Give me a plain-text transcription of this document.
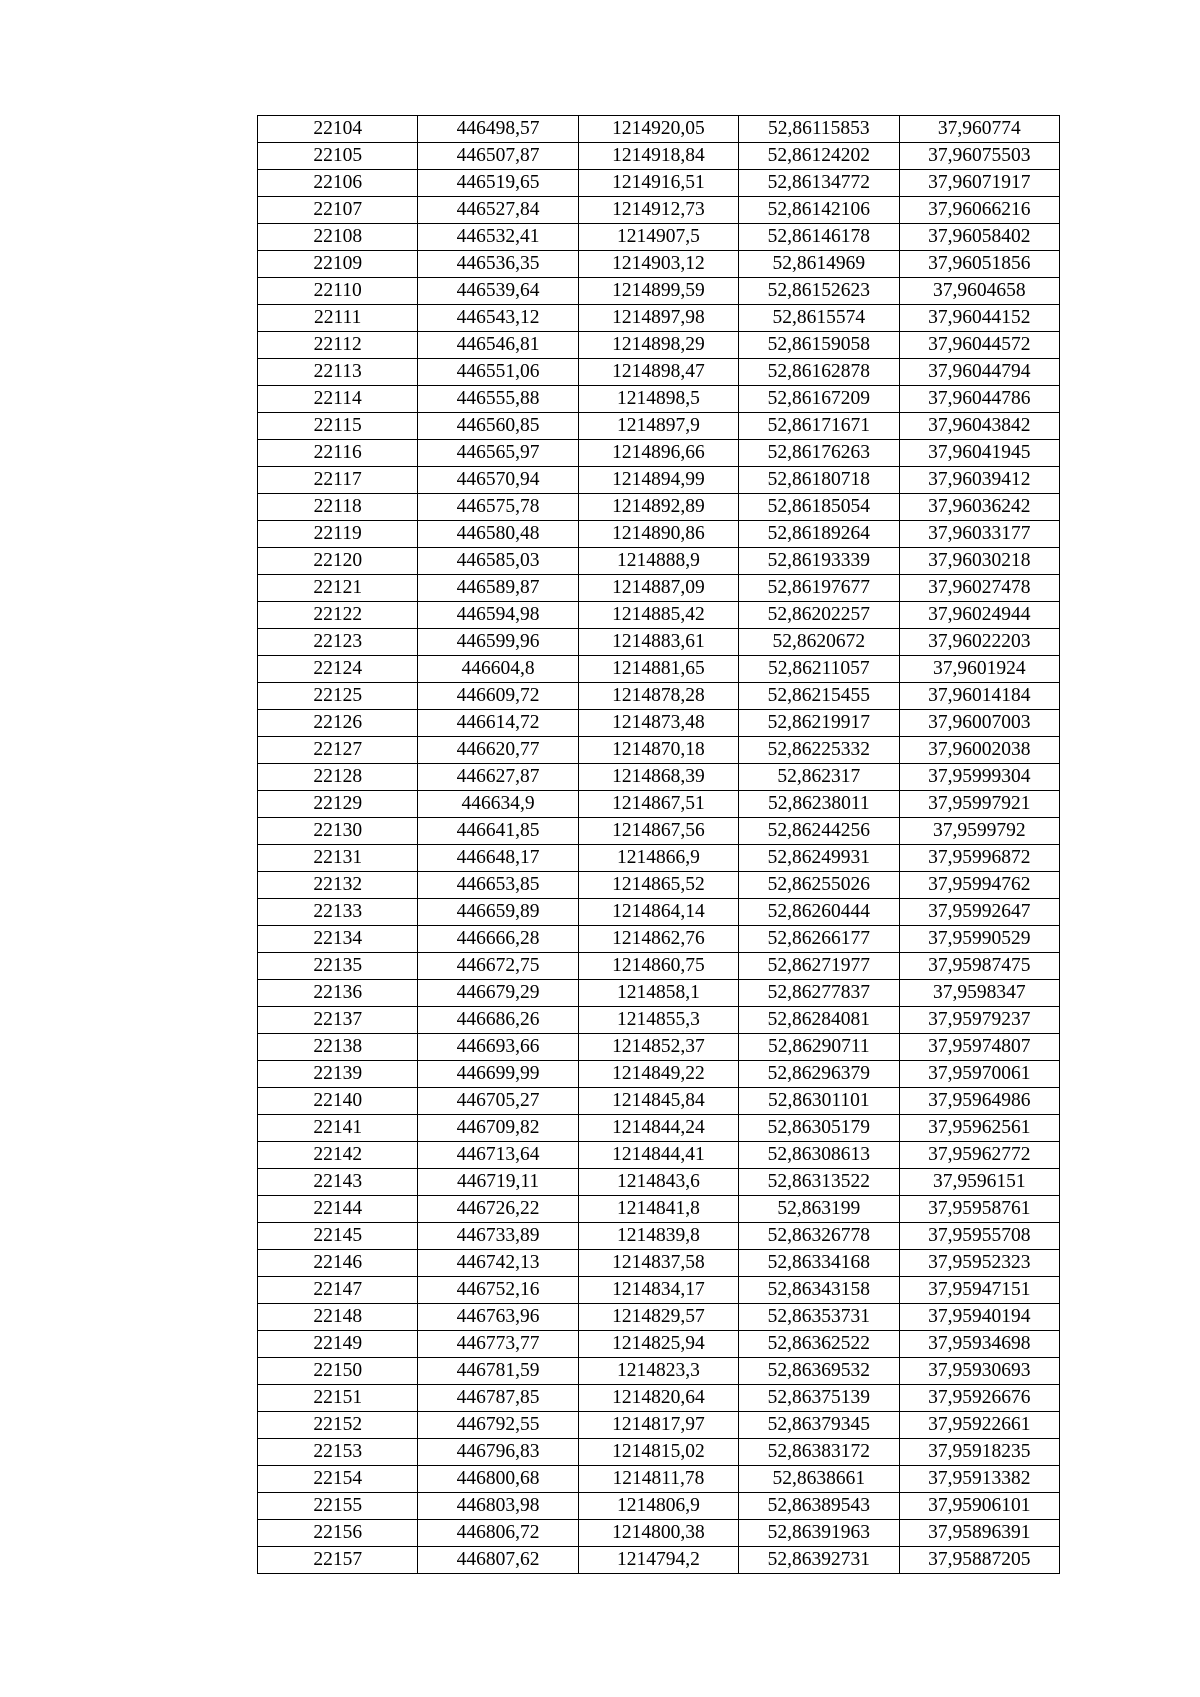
22104	446498,57	1214920,05	52,86115853	37,960774
22105	446507,87	1214918,84	52,86124202	37,96075503
22106	446519,65	1214916,51	52,86134772	37,96071917
22107	446527,84	1214912,73	52,86142106	37,96066216
22108	446532,41	1214907,5	52,86146178	37,96058402
22109	446536,35	1214903,12	52,8614969	37,96051856
22110	446539,64	1214899,59	52,86152623	37,9604658
22111	446543,12	1214897,98	52,8615574	37,96044152
22112	446546,81	1214898,29	52,86159058	37,96044572
22113	446551,06	1214898,47	52,86162878	37,96044794
22114	446555,88	1214898,5	52,86167209	37,96044786
22115	446560,85	1214897,9	52,86171671	37,96043842
22116	446565,97	1214896,66	52,86176263	37,96041945
22117	446570,94	1214894,99	52,86180718	37,96039412
22118	446575,78	1214892,89	52,86185054	37,96036242
22119	446580,48	1214890,86	52,86189264	37,96033177
22120	446585,03	1214888,9	52,86193339	37,96030218
22121	446589,87	1214887,09	52,86197677	37,96027478
22122	446594,98	1214885,42	52,86202257	37,96024944
22123	446599,96	1214883,61	52,8620672	37,96022203
22124	446604,8	1214881,65	52,86211057	37,9601924
22125	446609,72	1214878,28	52,86215455	37,96014184
22126	446614,72	1214873,48	52,86219917	37,96007003
22127	446620,77	1214870,18	52,86225332	37,96002038
22128	446627,87	1214868,39	52,862317	37,95999304
22129	446634,9	1214867,51	52,86238011	37,95997921
22130	446641,85	1214867,56	52,86244256	37,9599792
22131	446648,17	1214866,9	52,86249931	37,95996872
22132	446653,85	1214865,52	52,86255026	37,95994762
22133	446659,89	1214864,14	52,86260444	37,95992647
22134	446666,28	1214862,76	52,86266177	37,95990529
22135	446672,75	1214860,75	52,86271977	37,95987475
22136	446679,29	1214858,1	52,86277837	37,9598347
22137	446686,26	1214855,3	52,86284081	37,95979237
22138	446693,66	1214852,37	52,86290711	37,95974807
22139	446699,99	1214849,22	52,86296379	37,95970061
22140	446705,27	1214845,84	52,86301101	37,95964986
22141	446709,82	1214844,24	52,86305179	37,95962561
22142	446713,64	1214844,41	52,86308613	37,95962772
22143	446719,11	1214843,6	52,86313522	37,9596151
22144	446726,22	1214841,8	52,863199	37,95958761
22145	446733,89	1214839,8	52,86326778	37,95955708
22146	446742,13	1214837,58	52,86334168	37,95952323
22147	446752,16	1214834,17	52,86343158	37,95947151
22148	446763,96	1214829,57	52,86353731	37,95940194
22149	446773,77	1214825,94	52,86362522	37,95934698
22150	446781,59	1214823,3	52,86369532	37,95930693
22151	446787,85	1214820,64	52,86375139	37,95926676
22152	446792,55	1214817,97	52,86379345	37,95922661
22153	446796,83	1214815,02	52,86383172	37,95918235
22154	446800,68	1214811,78	52,8638661	37,95913382
22155	446803,98	1214806,9	52,86389543	37,95906101
22156	446806,72	1214800,38	52,86391963	37,95896391
22157	446807,62	1214794,2	52,86392731	37,95887205
